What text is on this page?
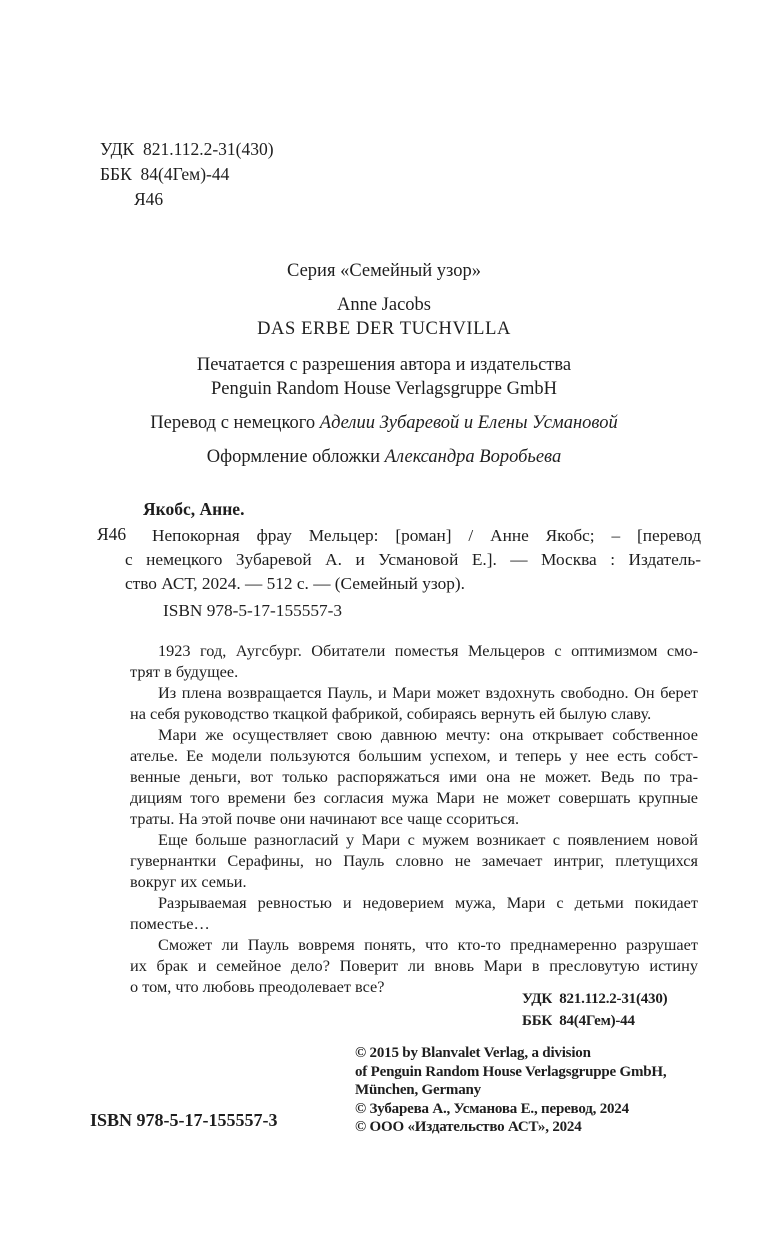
УДК  821.112.2-31(430)
ББК  84(4Гем)-44
Я46
Серия «Семейный узор»
Anne Jacobs
DAS ERBE DER TUCHVILLA
Печатается с разрешения автора и издательства
Penguin Random House Verlagsgruppe GmbH
Перевод с немецкого Аделии Зубаревой и Елены Усмановой
Оформление обложки Александра Воробьева
Якобс, Анне.
Я46	Непокорная фрау Мельцер: [роман] / Анне Якобс; – [перевод
с немецкого Зубаревой А. и Усмановой Е.]. — Москва : Издатель-
ство АСТ, 2024. — 512 с. — (Семейный узор).
ISBN 978-5-17-155557-3
1923 год, Аугсбург. Обитатели поместья Мельцеров с оптимизмом смо-
трят в будущее.
Из плена возвращается Пауль, и Мари может вздохнуть свободно. Он берет
на себя руководство ткацкой фабрикой, собираясь вернуть ей былую славу.
Мари же осуществляет свою давнюю мечту: она открывает собственное
ателье. Ее модели пользуются большим успехом, и теперь у нее есть собст-
венные деньги, вот только распоряжаться ими она не может. Ведь по тра-
дициям того времени без согласия мужа Мари не может совершать крупные
траты. На этой почве они начинают все чаще ссориться.
Еще больше разногласий у Мари с мужем возникает с появлением новой
гувернантки Серафины, но Пауль словно не замечает интриг, плетущихся
вокруг их семьи.
Разрываемая ревностью и недоверием мужа, Мари с детьми покидает
поместье…
Сможет ли Пауль вовремя понять, что кто-то преднамеренно разрушает
их брак и семейное дело? Поверит ли вновь Мари в пресловутую истину
о том, что любовь преодолевает все?
УДК  821.112.2-31(430)
ББК  84(4Гем)-44
© 2015 by Blanvalet Verlag, a division
of Penguin Random House Verlagsgruppe GmbH,
München, Germany
© Зубарева А., Усманова Е., перевод, 2024
© ООО «Издательство АСТ», 2024
ISBN 978-5-17-155557-3
